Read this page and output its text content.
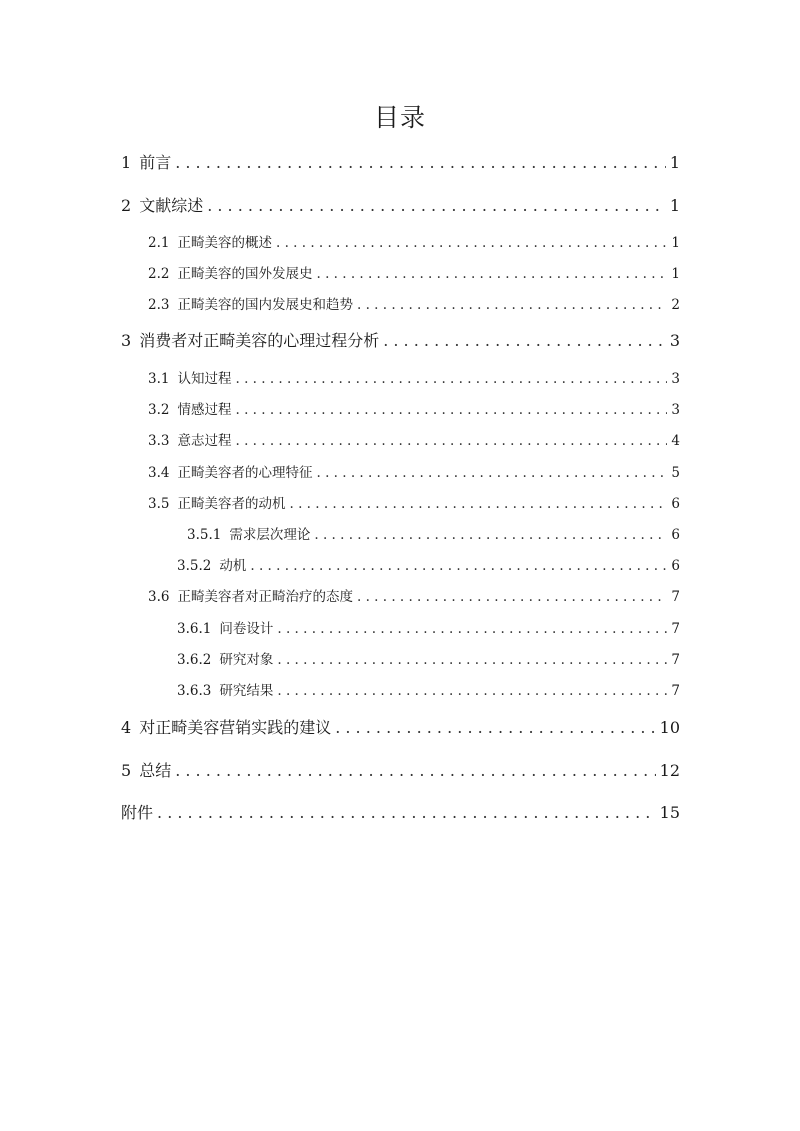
目录
1 前言 . . .	1
2 文献综述 . . .	1
2.1 正畸美容的概述 . . .	1
2.2 正畸美容的国外发展史 . . .	1
2.3 正畸美容的国内发展史和趋势 . . .	2
3 消费者对正畸美容的心理过程分析 . . .	3
3.1 认知过程 . . .	3
3.2 情感过程 . . .	3
3.3 意志过程 . . .	4
3.4 正畸美容者的心理特征 . . .	5
3.5 正畸美容者的动机 . . .	6
3.5.1 需求层次理论 . . .	6
3.5.2 动机 . . .	6
3.6 正畸美容者对正畸治疗的态度 . . .	7
3.6.1 问卷设计 . . .	7
3.6.2 研究对象 . . .	7
3.6.3 研究结果 . . .	7
4 对正畸美容营销实践的建议 . . .	10
5 总结 . . .	12
附件 . . .	15
